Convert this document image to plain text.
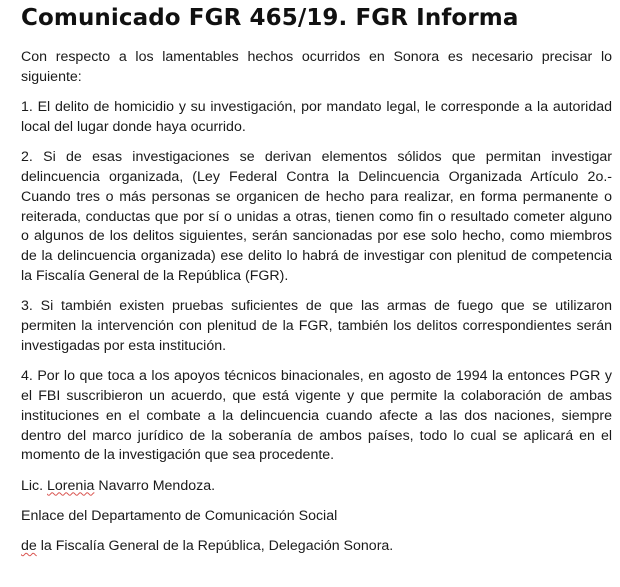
Comunicado FGR 465/19. FGR Informa

Con respecto a los lamentables hechos ocurridos en Sonora es necesario precisar lo siguiente:

1. El delito de homicidio y su investigación, por mandato legal, le corresponde a la autoridad local del lugar donde haya ocurrido.

2. Si de esas investigaciones se derivan elementos sólidos que permitan investigar delincuencia organizada, (Ley Federal Contra la Delincuencia Organizada Artículo 2o.- Cuando tres o más personas se organicen de hecho para realizar, en forma permanente o reiterada, conductas que por sí o unidas a otras, tienen como fin o resultado cometer alguno o algunos de los delitos siguientes, serán sancionadas por ese solo hecho, como miembros de la delincuencia organizada) ese delito lo habrá de investigar con plenitud de competencia la Fiscalía General de la República (FGR).

3. Si también existen pruebas suficientes de que las armas de fuego que se utilizaron permiten la intervención con plenitud de la FGR, también los delitos correspondientes serán investigadas por esta institución.

4. Por lo que toca a los apoyos técnicos binacionales, en agosto de 1994 la entonces PGR y el FBI suscribieron un acuerdo, que está vigente y que permite la colaboración de ambas instituciones en el combate a la delincuencia cuando afecte a las dos naciones, siempre dentro del marco jurídico de la soberanía de ambos países, todo lo cual se aplicará en el momento de la investigación que sea procedente.

Lic. Lorenia Navarro Mendoza.

Enlace del Departamento de Comunicación Social

de la Fiscalía General de la República, Delegación Sonora.
